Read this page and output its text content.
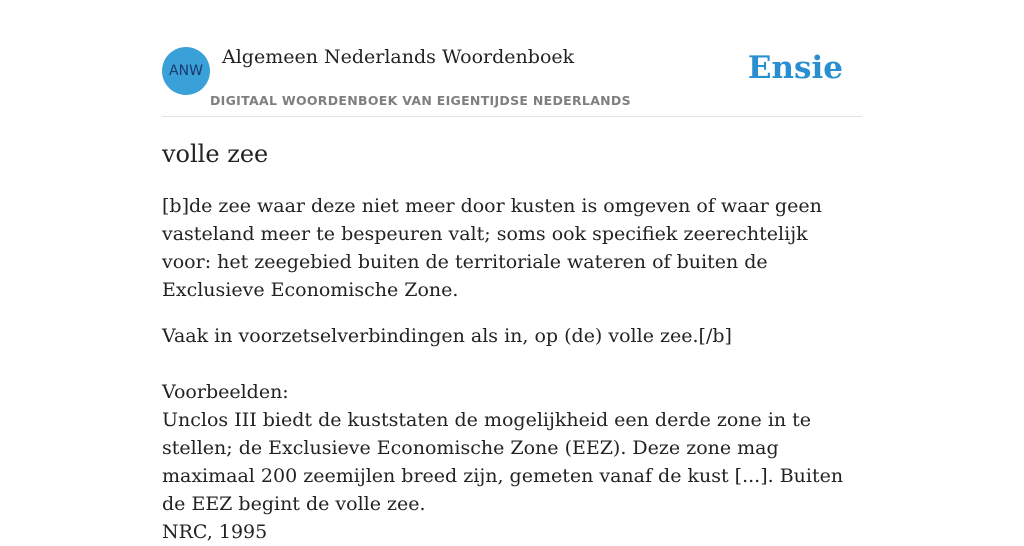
ANW
Algemeen Nederlands Woordenboek
DIGITAAL WOORDENBOEK VAN EIGENTIJDSE NEDERLANDS
Ensie
volle zee

[b]de zee waar deze niet meer door kusten is omgeven of waar geen vasteland meer te bespeuren valt; soms ook specifiek zeerechtelijk voor: het zeegebied buiten de territoriale wateren of buiten de Exclusieve Economische Zone.

Vaak in voorzetselverbindingen als in, op (de) volle zee.[/b]

Voorbeelden:
Unclos III biedt de kuststaten de mogelijkheid een derde zone in te stellen; de Exclusieve Economische Zone (EEZ). Deze zone mag maximaal 200 zeemijlen breed zijn, gemeten vanaf de kust [...]. Buiten de EEZ begint de volle zee.
NRC, 1995
